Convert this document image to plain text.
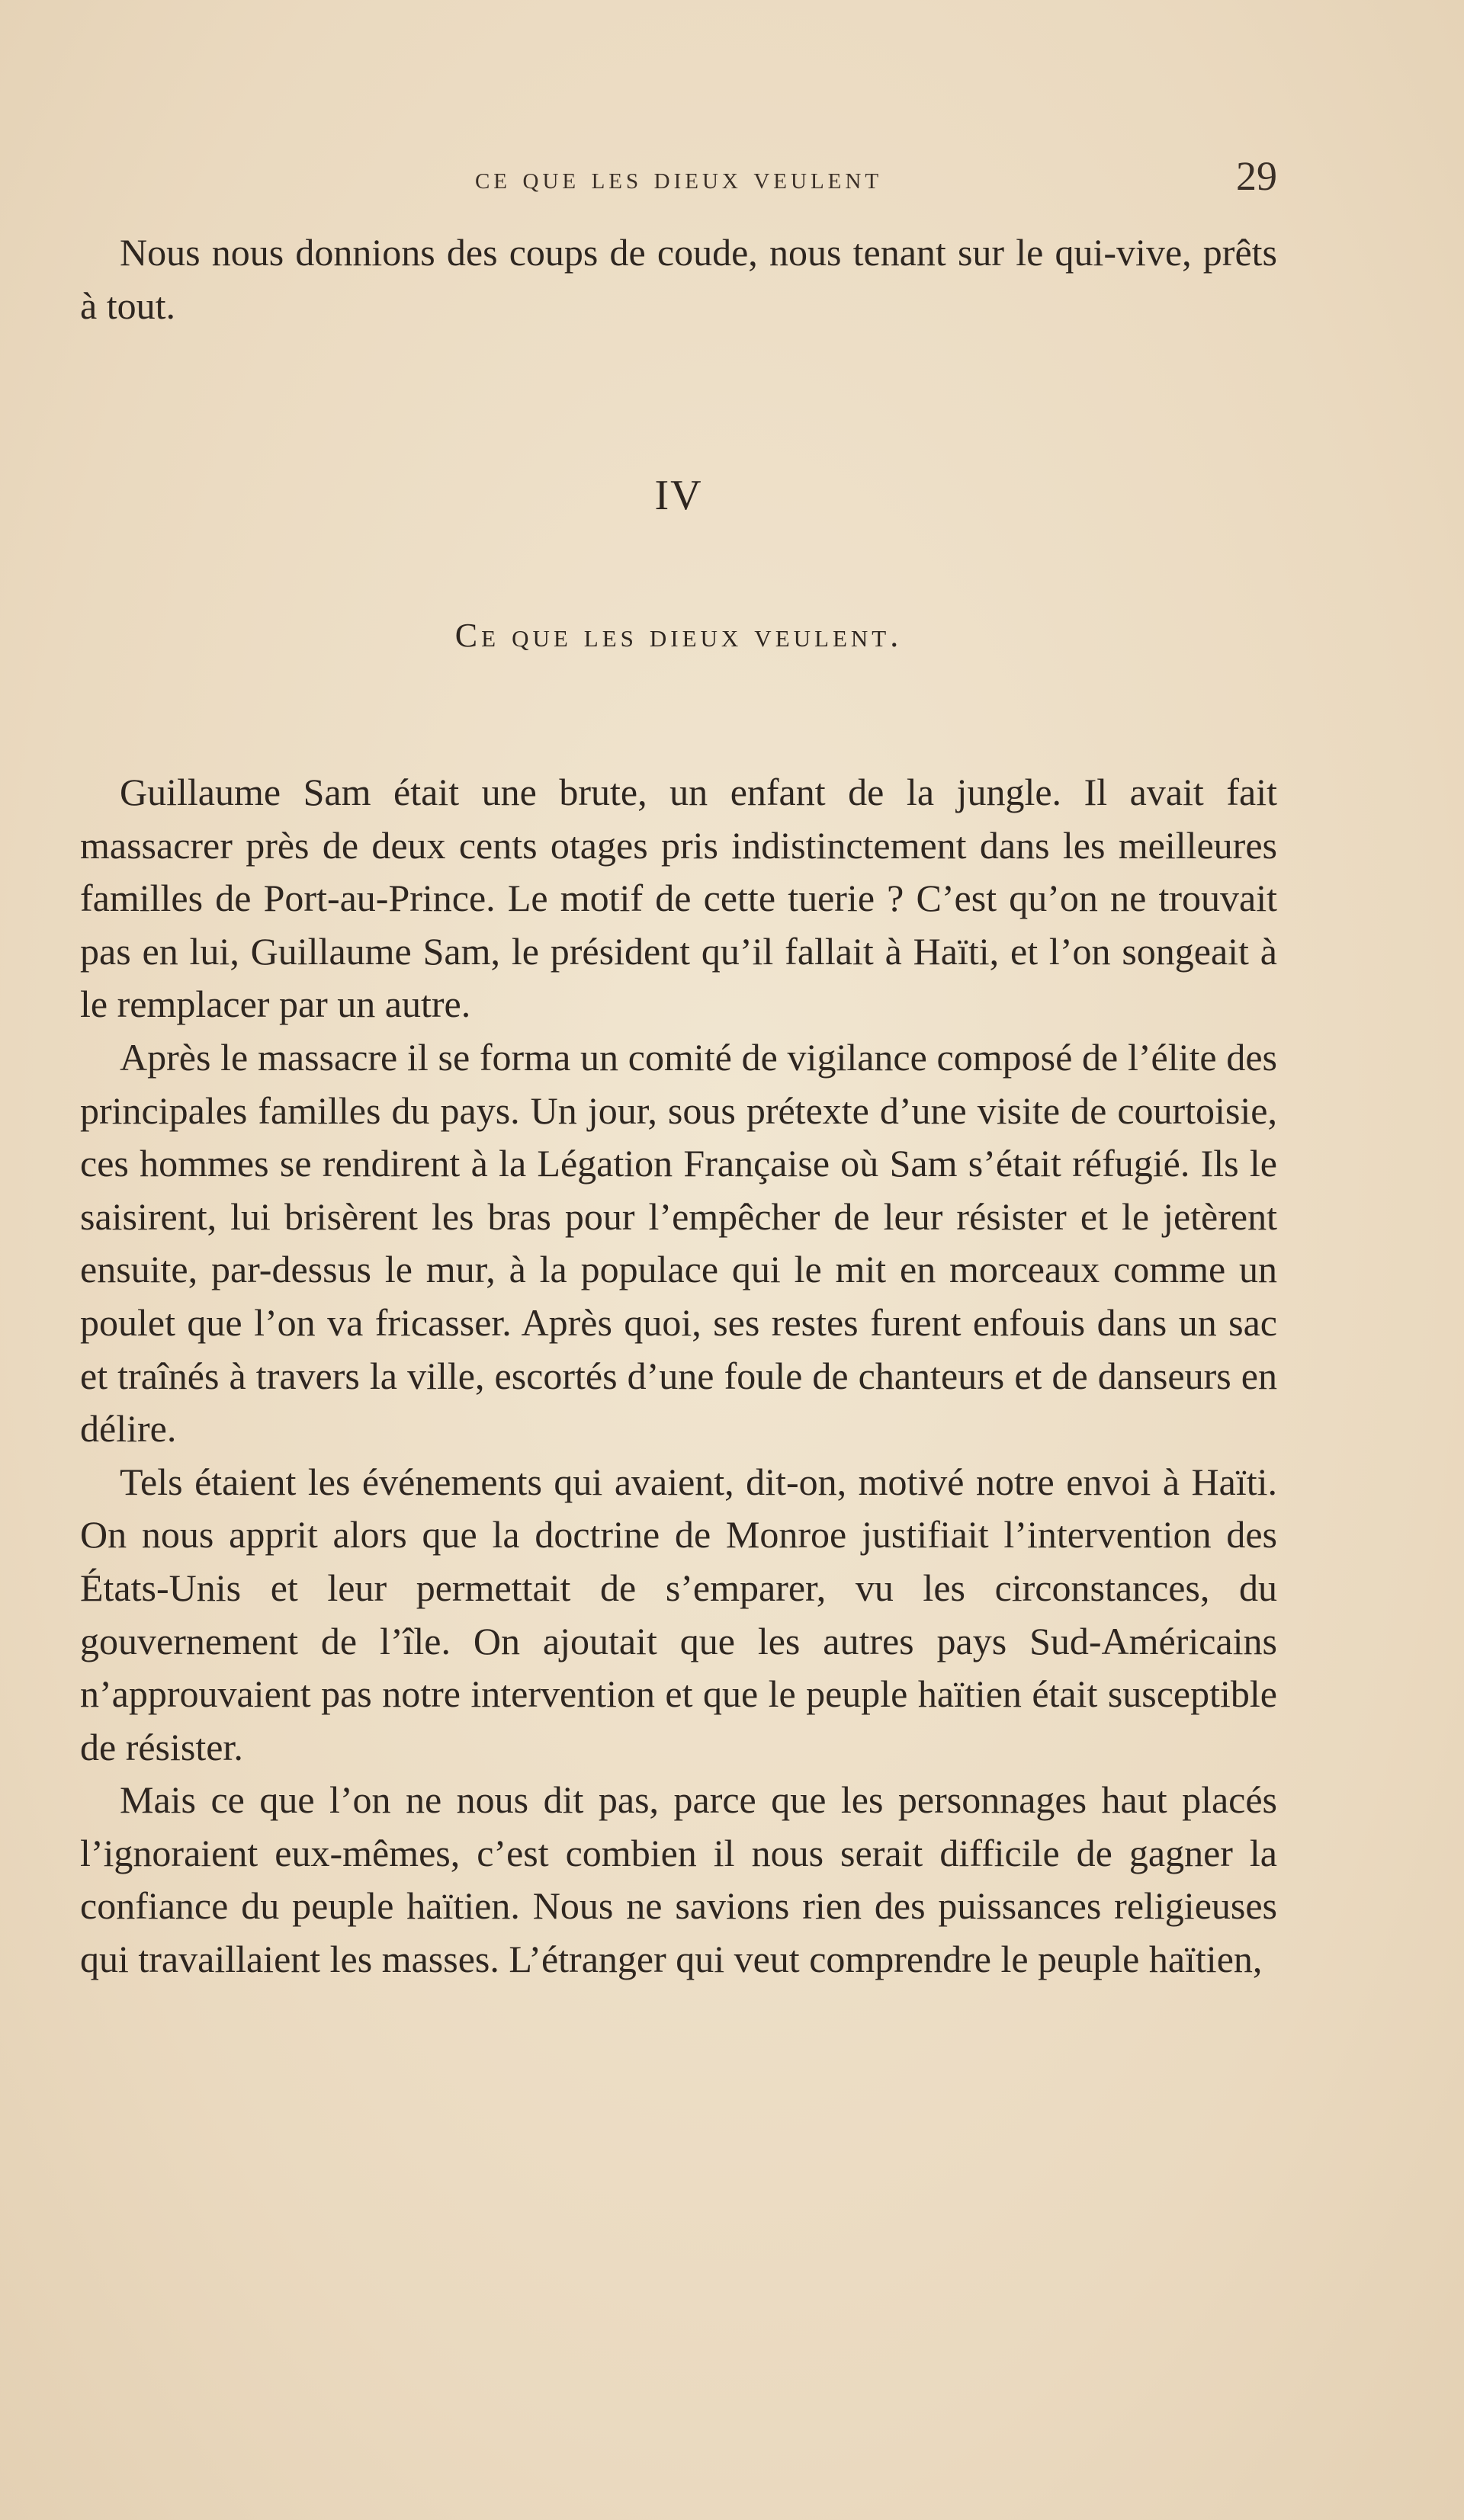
ce que les dieux veulent	29

Nous nous donnions des coups de coude, nous tenant sur le qui-vive, prêts à tout.

IV
Ce que les dieux veulent.

Guillaume Sam était une brute, un enfant de la jungle. Il avait fait massacrer près de deux cents otages pris indistinctement dans les meilleures familles de Port-au-Prince. Le motif de cette tuerie ? C’est qu’on ne trouvait pas en lui, Guillaume Sam, le président qu’il fallait à Haïti, et l’on songeait à le remplacer par un autre.

Après le massacre il se forma un comité de vigilance composé de l’élite des principales familles du pays. Un jour, sous prétexte d’une visite de courtoisie, ces hommes se rendirent à la Légation Française où Sam s’était réfugié. Ils le saisirent, lui brisèrent les bras pour l’empêcher de leur résister et le jetèrent ensuite, par-dessus le mur, à la populace qui le mit en morceaux comme un poulet que l’on va fricasser. Après quoi, ses restes furent enfouis dans un sac et traînés à travers la ville, escortés d’une foule de chanteurs et de danseurs en délire.

Tels étaient les événements qui avaient, dit-on, motivé notre envoi à Haïti. On nous apprit alors que la doctrine de Monroe justifiait l’intervention des États-Unis et leur permettait de s’emparer, vu les circonstances, du gouvernement de l’île. On ajoutait que les autres pays Sud-Américains n’approuvaient pas notre intervention et que le peuple haïtien était susceptible de résister.

Mais ce que l’on ne nous dit pas, parce que les personnages haut placés l’ignoraient eux-mêmes, c’est combien il nous serait difficile de gagner la confiance du peuple haïtien. Nous ne savions rien des puissances religieuses qui travaillaient les masses. L’étranger qui veut comprendre le peuple haïtien,
